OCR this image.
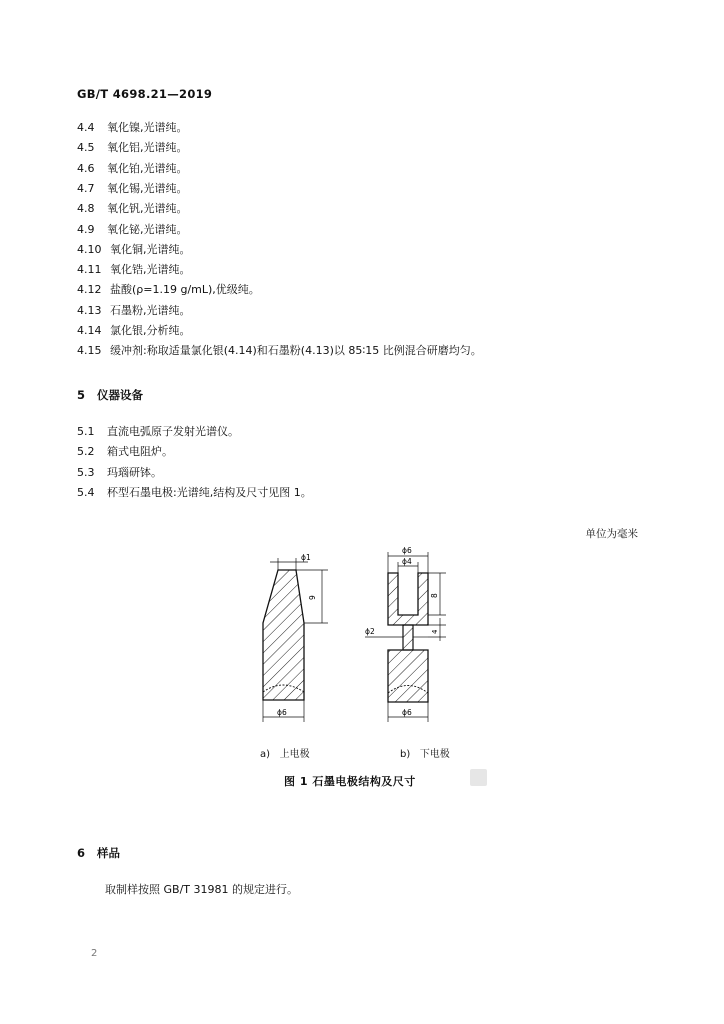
GB/T 4698.21—2019
4.4 氧化镍,光谱纯。
4.5 氧化铝,光谱纯。
4.6 氧化铂,光谱纯。
4.7 氧化锡,光谱纯。
4.8 氧化钒,光谱纯。
4.9 氧化铋,光谱纯。
4.10 氧化铜,光谱纯。
4.11 氧化锆,光谱纯。
4.12 盐酸(ρ=1.19 g/mL),优级纯。
4.13 石墨粉,光谱纯。
4.14 氯化银,分析纯。
4.15 缓冲剂:称取适量氯化银(4.14)和石墨粉(4.13)以 85∶15 比例混合研磨均匀。
5 仪器设备
5.1 直流电弧原子发射光谱仪。
5.2 箱式电阻炉。
5.3 玛瑙研钵。
5.4 杯型石墨电极:光谱纯,结构及尺寸见图 1。
单位为毫米
ϕ1
9
ϕ6
ϕ6
ϕ4
8
4
ϕ2
ϕ6
a) 上电极	b) 下电极
图 1 石墨电极结构及尺寸
6 样品
取制样按照 GB/T 31981 的规定进行。
2
